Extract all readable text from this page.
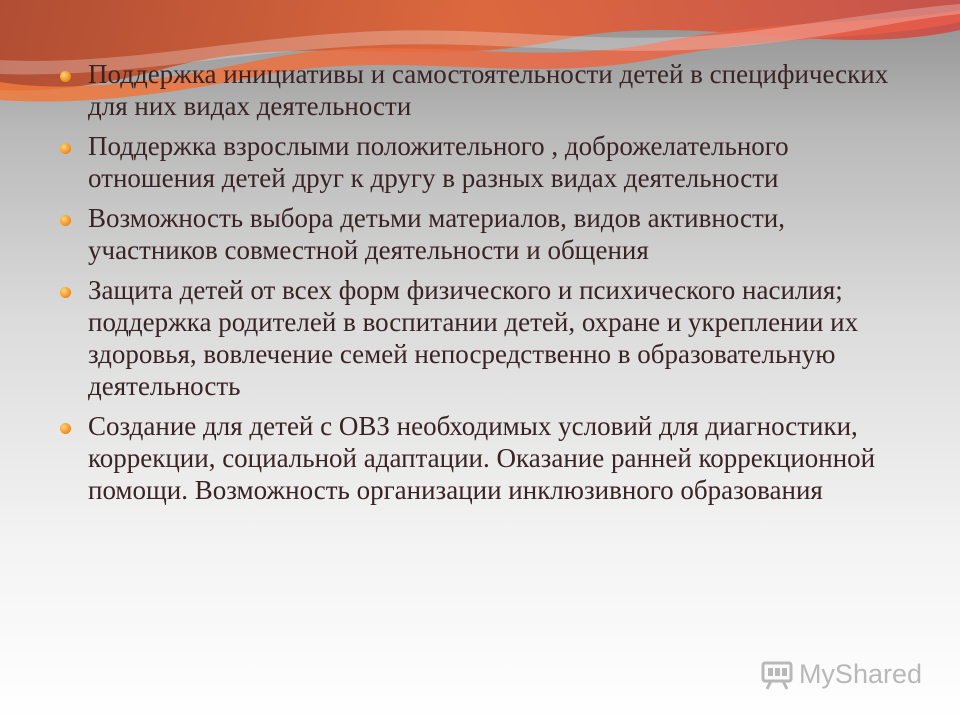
Поддержка инициативы и самостоятельности детей в специфических для них видах деятельности
Поддержка взрослыми положительного , доброжелательного отношения детей друг к другу в разных видах деятельности
Возможность выбора детьми материалов, видов активности, участников совместной деятельности и общения
Защита детей от всех форм физического и психического насилия; поддержка родителей в воспитании детей, охране и укреплении их здоровья, вовлечение семей непосредственно в образовательную деятельность
Создание для детей с ОВЗ необходимых условий для диагностики, коррекции, социальной адаптации. Оказание ранней коррекционной помощи. Возможность организации инклюзивного образования
MyShared
